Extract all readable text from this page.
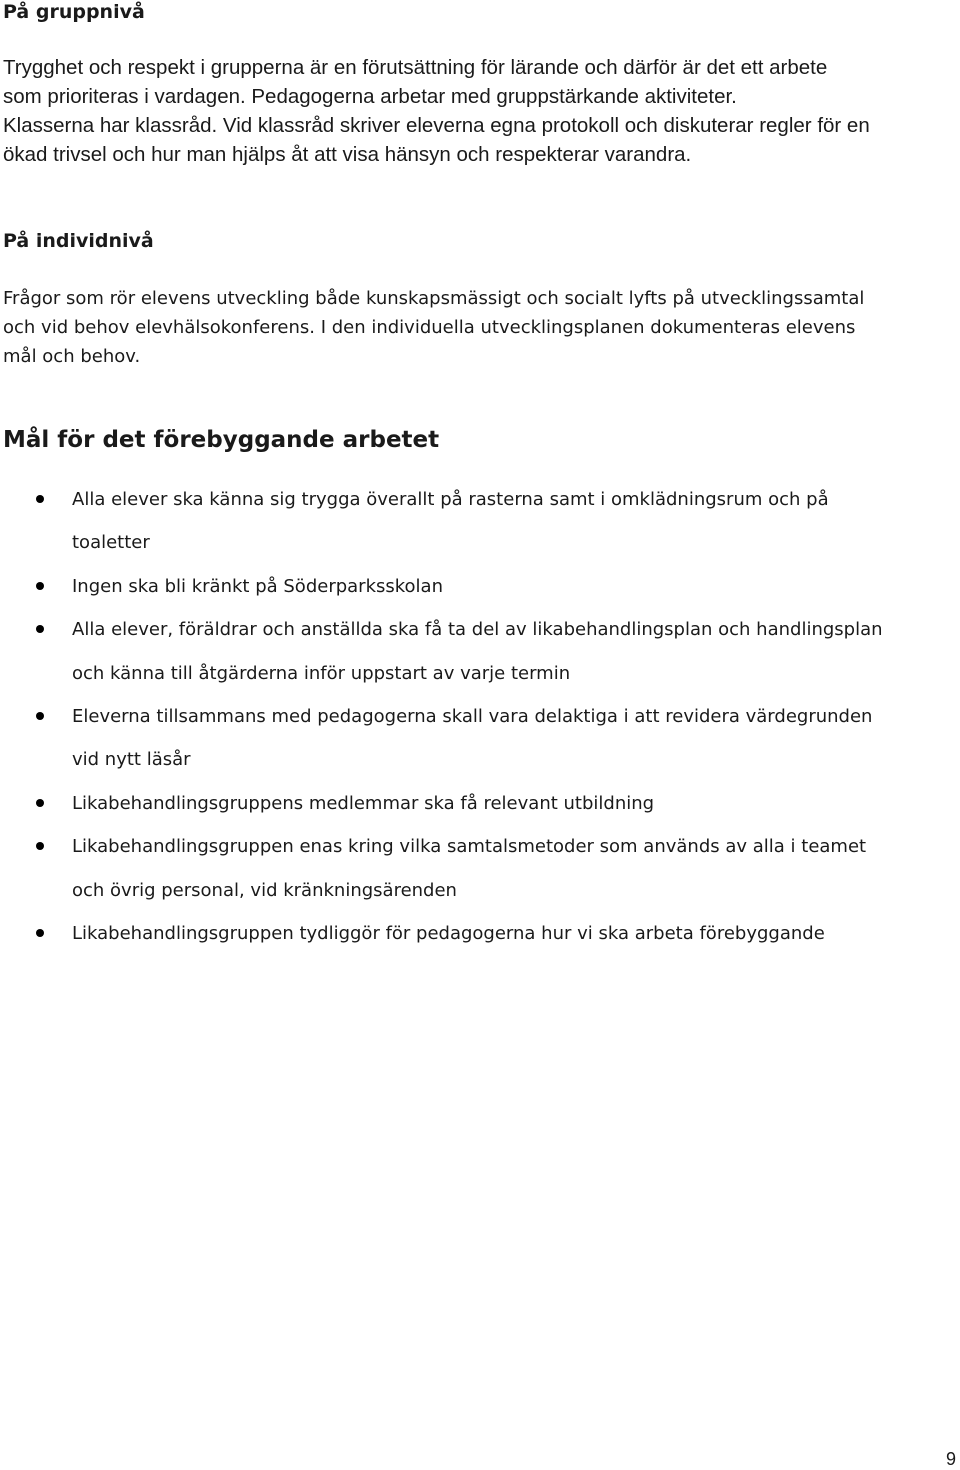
På gruppnivå

Trygghet och respekt i grupperna är en förutsättning för lärande och därför är det ett arbete
som prioriteras i vardagen. Pedagogerna arbetar med gruppstärkande aktiviteter.
Klasserna har klassråd. Vid klassråd skriver eleverna egna protokoll och diskuterar regler för en
ökad trivsel och hur man hjälps åt att visa hänsyn och respekterar varandra.

På individnivå

Frågor som rör elevens utveckling både kunskapsmässigt och socialt lyfts på utvecklingssamtal
och vid behov elevhälsokonferens. I den individuella utvecklingsplanen dokumenteras elevens
mål och behov.

Mål för det förebyggande arbetet
Alla elever ska känna sig trygga överallt på rasterna samt i omklädningsrum och på
toaletter
Ingen ska bli kränkt på Söderparksskolan
Alla elever, föräldrar och anställda ska få ta del av likabehandlingsplan och handlingsplan
och känna till åtgärderna inför uppstart av varje termin
Eleverna tillsammans med pedagogerna skall vara delaktiga i att revidera värdegrunden
vid nytt läsår
Likabehandlingsgruppens medlemmar ska få relevant utbildning
Likabehandlingsgruppen enas kring vilka samtalsmetoder som används av alla i teamet
och övrig personal, vid kränkningsärenden
Likabehandlingsgruppen tydliggör för pedagogerna hur vi ska arbeta förebyggande
9
